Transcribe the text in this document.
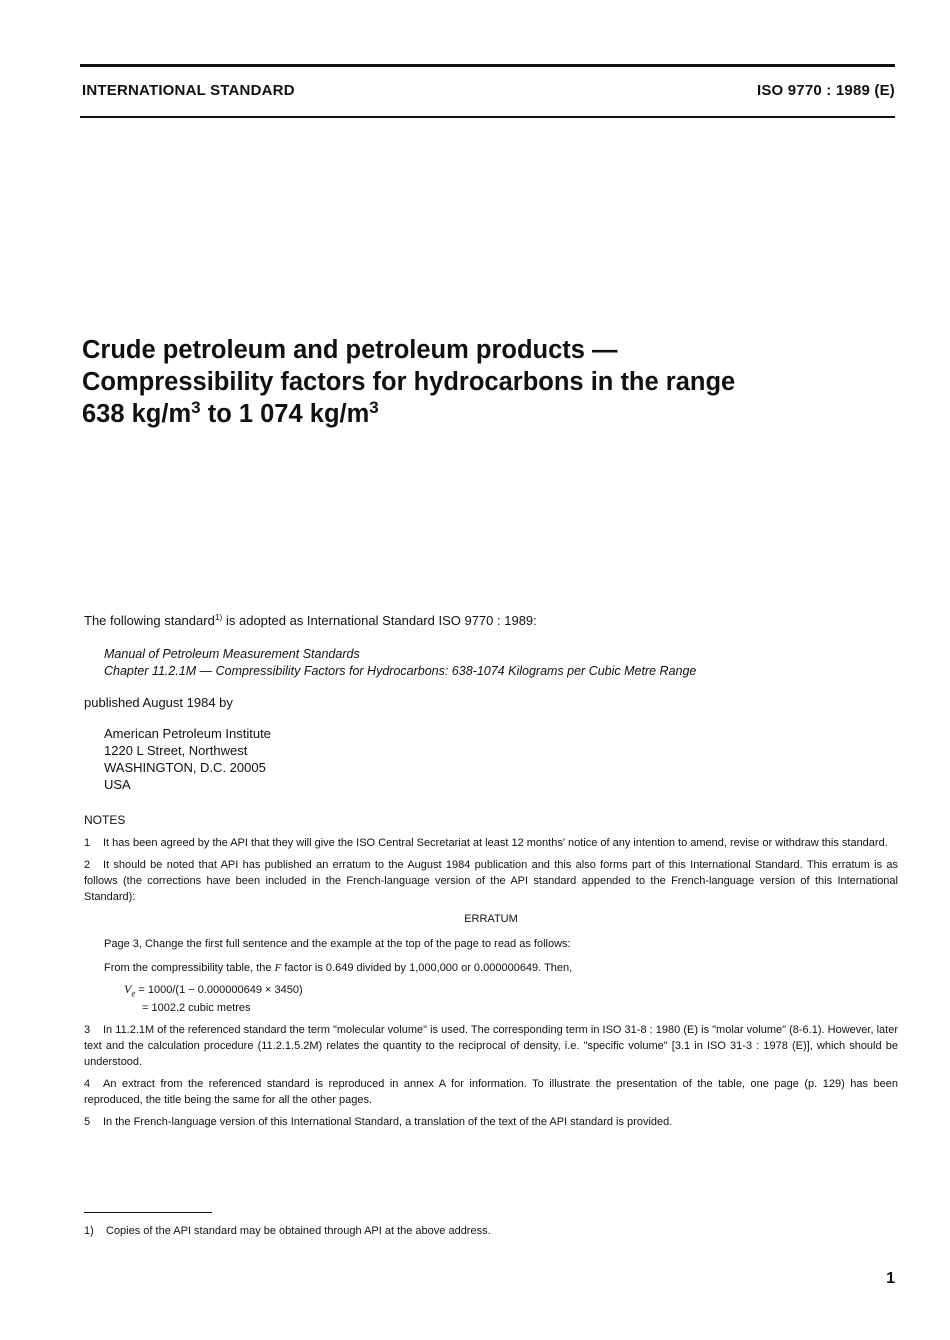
INTERNATIONAL STANDARD	ISO 9770 : 1989 (E)
Crude petroleum and petroleum products —
Compressibility factors for hydrocarbons in the range
638 $kg/m^3$ to 1 074 $kg/m^3$

The following standard$^{1)}$ is adopted as International Standard ISO 9770 : 1989:

Manual of Petroleum Measurement Standards
Chapter 11.2.1M — Compressibility Factors for Hydrocarbons: 638-1074 Kilograms per Cubic Metre Range

published August 1984 by

American Petroleum Institute
1220 L Street, Northwest
WASHINGTON, D.C. 20005
USA
NOTES
1 It has been agreed by the API that they will give the ISO Central Secretariat at least 12 months' notice of any intention to amend, revise or withdraw this standard.
2 It should be noted that API has published an erratum to the August 1984 publication and this also forms part of this International Standard. This erratum is as follows (the corrections have been included in the French-language version of the API standard appended to the French-language version of this International Standard):
ERRATUM
Page 3, Change the first full sentence and the example at the top of the page to read as follows:
From the compressibility table, the F factor is 0.649 divided by 1,000,000 or 0.000000649. Then,
$V_e = 1000/(1 - 0.000000649 \times 3450)$
= 1002.2 cubic metres
3 In 11.2.1M of the referenced standard the term "molecular volume" is used. The corresponding term in ISO 31-8 : 1980 (E) is "molar volume" (8-6.1). However, later text and the calculation procedure (11.2.1.5.2M) relates the quantity to the reciprocal of density, i.e. "specific volume" [3.1 in ISO 31-3 : 1978 (E)], which should be understood.
4 An extract from the referenced standard is reproduced in annex A for information. To illustrate the presentation of the table, one page (p. 129) has been reproduced, the title being the same for all the other pages.
5 In the French-language version of this International Standard, a translation of the text of the API standard is provided.
1) Copies of the API standard may be obtained through API at the above address.
1
